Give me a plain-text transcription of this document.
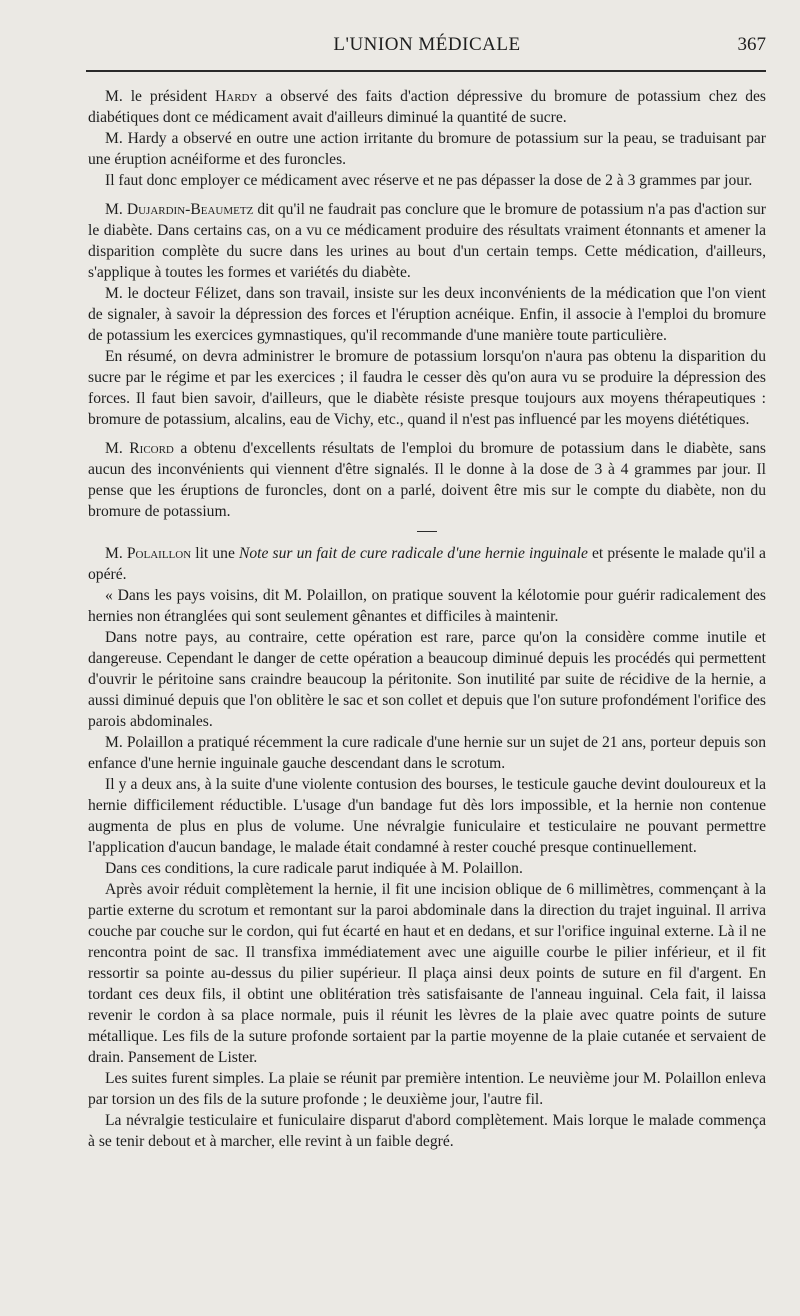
L'UNION MÉDICALE	367

M. le président Hardy a observé des faits d'action dépressive du bromure de potassium chez des diabétiques dont ce médicament avait d'ailleurs diminué la quantité de sucre.

M. Hardy a observé en outre une action irritante du bromure de potassium sur la peau, se traduisant par une éruption acnéiforme et des furoncles.

Il faut donc employer ce médicament avec réserve et ne pas dépasser la dose de 2 à 3 grammes par jour.

M. Dujardin-Beaumetz dit qu'il ne faudrait pas conclure que le bromure de potassium n'a pas d'action sur le diabète. Dans certains cas, on a vu ce médicament produire des résultats vraiment étonnants et amener la disparition complète du sucre dans les urines au bout d'un certain temps. Cette médication, d'ailleurs, s'applique à toutes les formes et variétés du diabète.

M. le docteur Félizet, dans son travail, insiste sur les deux inconvénients de la médication que l'on vient de signaler, à savoir la dépression des forces et l'éruption acnéique. Enfin, il associe à l'emploi du bromure de potassium les exercices gymnastiques, qu'il recommande d'une manière toute particulière.

En résumé, on devra administrer le bromure de potassium lorsqu'on n'aura pas obtenu la disparition du sucre par le régime et par les exercices ; il faudra le cesser dès qu'on aura vu se produire la dépression des forces. Il faut bien savoir, d'ailleurs, que le diabète résiste presque toujours aux moyens thérapeutiques : bromure de potassium, alcalins, eau de Vichy, etc., quand il n'est pas influencé par les moyens diététiques.

M. Ricord a obtenu d'excellents résultats de l'emploi du bromure de potassium dans le diabète, sans aucun des inconvénients qui viennent d'être signalés. Il le donne à la dose de 3 à 4 grammes par jour. Il pense que les éruptions de furoncles, dont on a parlé, doivent être mis sur le compte du diabète, non du bromure de potassium.

M. Polaillon lit une Note sur un fait de cure radicale d'une hernie inguinale et présente le malade qu'il a opéré.

« Dans les pays voisins, dit M. Polaillon, on pratique souvent la kélotomie pour guérir radicalement des hernies non étranglées qui sont seulement gênantes et difficiles à maintenir.

Dans notre pays, au contraire, cette opération est rare, parce qu'on la considère comme inutile et dangereuse. Cependant le danger de cette opération a beaucoup diminué depuis les procédés qui permettent d'ouvrir le péritoine sans craindre beaucoup la péritonite. Son inutilité par suite de récidive de la hernie, a aussi diminué depuis que l'on oblitère le sac et son collet et depuis que l'on suture profondément l'orifice des parois abdominales.

M. Polaillon a pratiqué récemment la cure radicale d'une hernie sur un sujet de 21 ans, porteur depuis son enfance d'une hernie inguinale gauche descendant dans le scrotum.

Il y a deux ans, à la suite d'une violente contusion des bourses, le testicule gauche devint douloureux et la hernie difficilement réductible. L'usage d'un bandage fut dès lors impossible, et la hernie non contenue augmenta de plus en plus de volume. Une névralgie funiculaire et testiculaire ne pouvant permettre l'application d'aucun bandage, le malade était condamné à rester couché presque continuellement.

Dans ces conditions, la cure radicale parut indiquée à M. Polaillon.

Après avoir réduit complètement la hernie, il fit une incision oblique de 6 millimètres, commençant à la partie externe du scrotum et remontant sur la paroi abdominale dans la direction du trajet inguinal. Il arriva couche par couche sur le cordon, qui fut écarté en haut et en dedans, et sur l'orifice inguinal externe. Là il ne rencontra point de sac. Il transfixa immédiatement avec une aiguille courbe le pilier inférieur, et il fit ressortir sa pointe au-dessus du pilier supérieur. Il plaça ainsi deux points de suture en fil d'argent. En tordant ces deux fils, il obtint une oblitération très satisfaisante de l'anneau inguinal. Cela fait, il laissa revenir le cordon à sa place normale, puis il réunit les lèvres de la plaie avec quatre points de suture métallique. Les fils de la suture profonde sortaient par la partie moyenne de la plaie cutanée et servaient de drain. Pansement de Lister.

Les suites furent simples. La plaie se réunit par première intention. Le neuvième jour M. Polaillon enleva par torsion un des fils de la suture profonde ; le deuxième jour, l'autre fil.

La névralgie testiculaire et funiculaire disparut d'abord complètement. Mais lorque le malade commença à se tenir debout et à marcher, elle revint à un faible degré.
